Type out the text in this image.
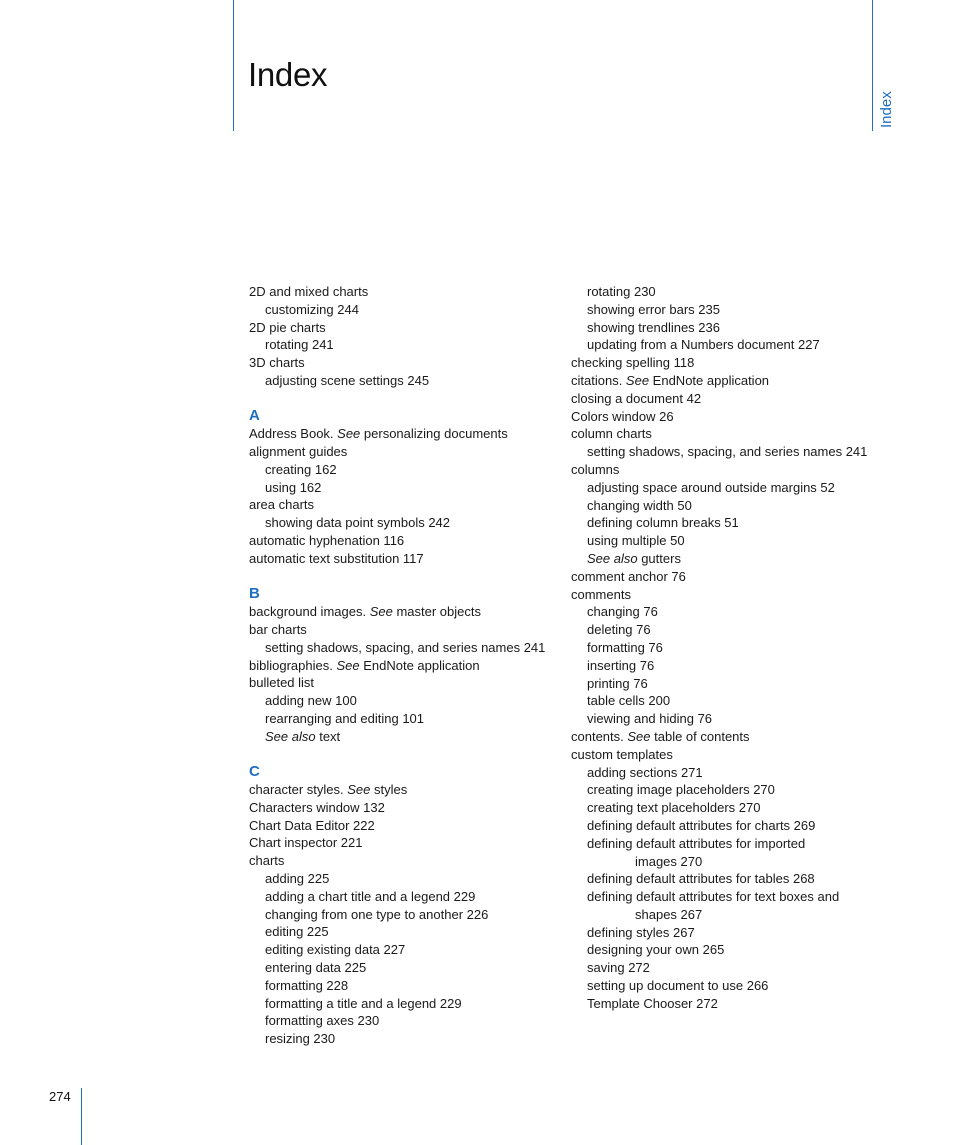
Index
Index
2D and mixed charts
customizing 244
2D pie charts
rotating 241
3D charts
adjusting scene settings 245
A
Address Book. See personalizing documents
alignment guides
creating 162
using 162
area charts
showing data point symbols 242
automatic hyphenation 116
automatic text substitution 117
B
background images. See master objects
bar charts
setting shadows, spacing, and series names 241
bibliographies. See EndNote application
bulleted list
adding new 100
rearranging and editing 101
See also text
C
character styles. See styles
Characters window 132
Chart Data Editor 222
Chart inspector 221
charts
adding 225
adding a chart title and a legend 229
changing from one type to another 226
editing 225
editing existing data 227
entering data 225
formatting 228
formatting a title and a legend 229
formatting axes 230
resizing 230
rotating 230
showing error bars 235
showing trendlines 236
updating from a Numbers document 227
checking spelling 118
citations. See EndNote application
closing a document 42
Colors window 26
column charts
setting shadows, spacing, and series names 241
columns
adjusting space around outside margins 52
changing width 50
defining column breaks 51
using multiple 50
See also gutters
comment anchor 76
comments
changing 76
deleting 76
formatting 76
inserting 76
printing 76
table cells 200
viewing and hiding 76
contents. See table of contents
custom templates
adding sections 271
creating image placeholders 270
creating text placeholders 270
defining default attributes for charts 269
defining default attributes for imported
images 270
defining default attributes for tables 268
defining default attributes for text boxes and
shapes 267
defining styles 267
designing your own 265
saving 272
setting up document to use 266
Template Chooser 272
274
